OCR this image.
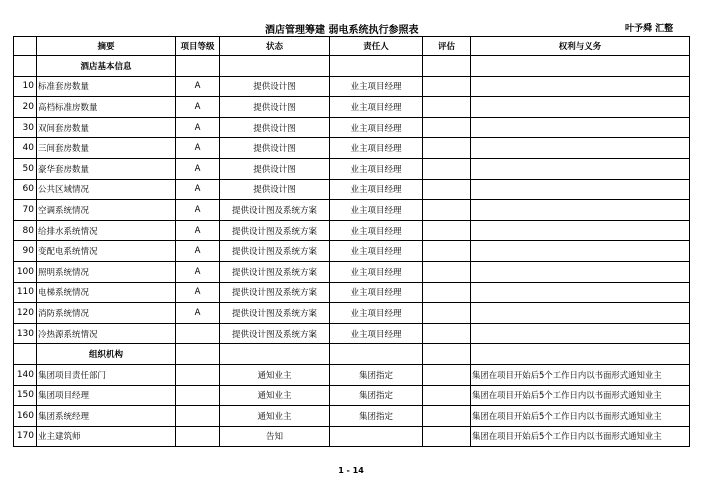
酒店管理筹建 弱电系统执行参照表	叶予舜 汇整
	摘要	项目等级	状态	责任人	评估	权利与义务
	酒店基本信息					
10	标准套房数量	A	提供设计图	业主项目经理		
20	高档标准房数量	A	提供设计图	业主项目经理		
30	双间套房数量	A	提供设计图	业主项目经理		
40	三间套房数量	A	提供设计图	业主项目经理		
50	豪华套房数量	A	提供设计图	业主项目经理		
60	公共区域情况	A	提供设计图	业主项目经理		
70	空调系统情况	A	提供设计图及系统方案	业主项目经理		
80	给排水系统情况	A	提供设计图及系统方案	业主项目经理		
90	变配电系统情况	A	提供设计图及系统方案	业主项目经理		
100	照明系统情况	A	提供设计图及系统方案	业主项目经理		
110	电梯系统情况	A	提供设计图及系统方案	业主项目经理		
120	消防系统情况	A	提供设计图及系统方案	业主项目经理		
130	冷热源系统情况		提供设计图及系统方案	业主项目经理		
	组织机构					
140	集团项目责任部门		通知业主	集团指定		集团在项目开始后5个工作日内以书面形式通知业主
150	集团项目经理		通知业主	集团指定		集团在项目开始后5个工作日内以书面形式通知业主
160	集团系统经理		通知业主	集团指定		集团在项目开始后5个工作日内以书面形式通知业主
170	业主建筑师		告知			集团在项目开始后5个工作日内以书面形式通知业主
1 - 14
